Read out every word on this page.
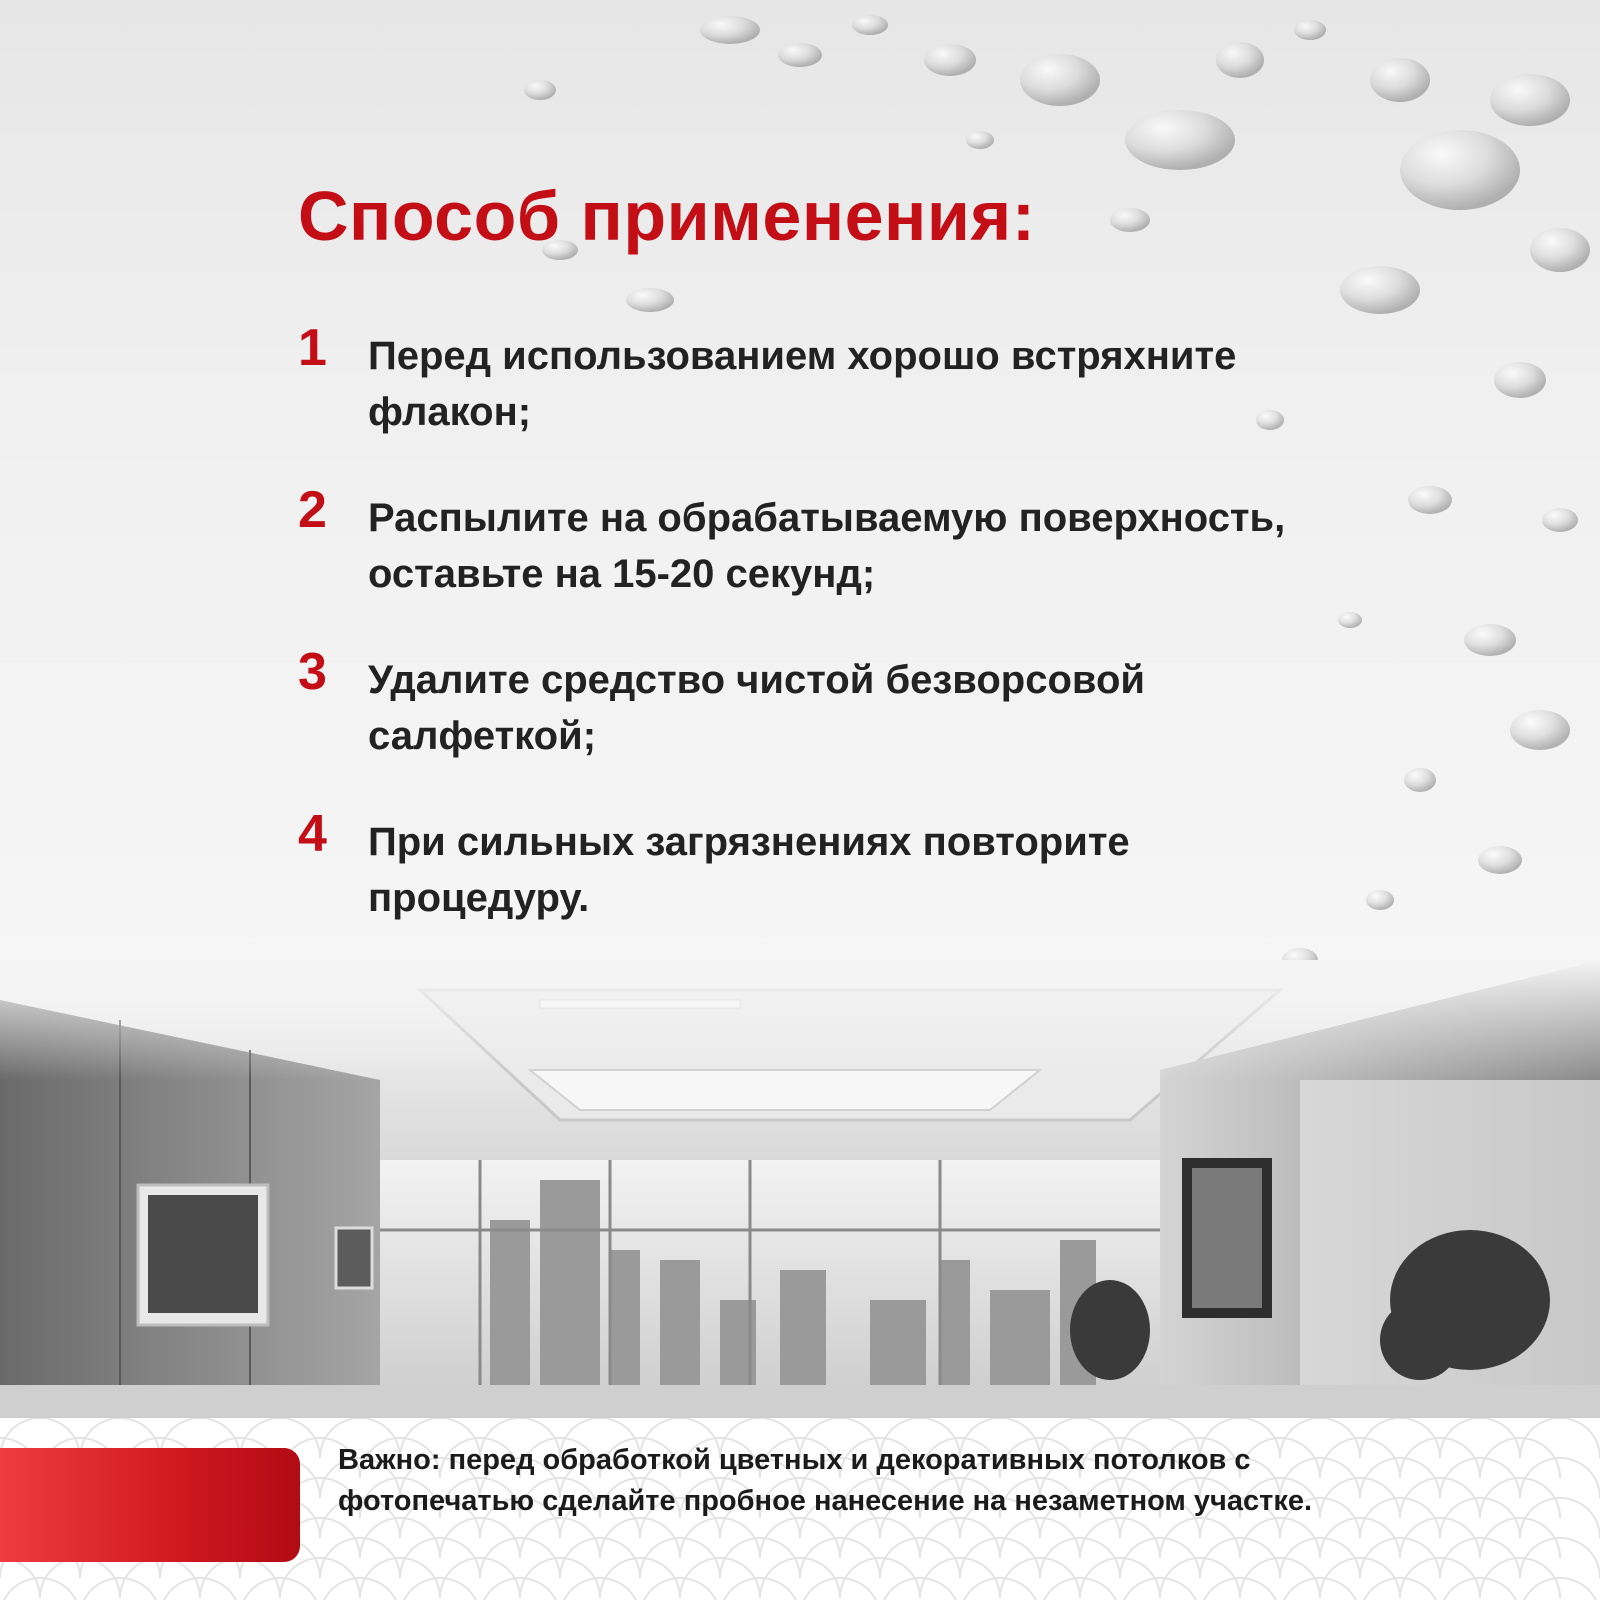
Способ применения:
1 Перед использованием хорошо встряхните флакон;
2 Распылите на обрабатываемую поверхность, оставьте на 15-20 секунд;
3 Удалите средство чистой безворсовой салфеткой;
4 При сильных загрязнениях повторите процедуру.

Важно: перед обработкой цветных и декоративных потолков с фотопечатью сделайте пробное нанесение на незаметном участке.
